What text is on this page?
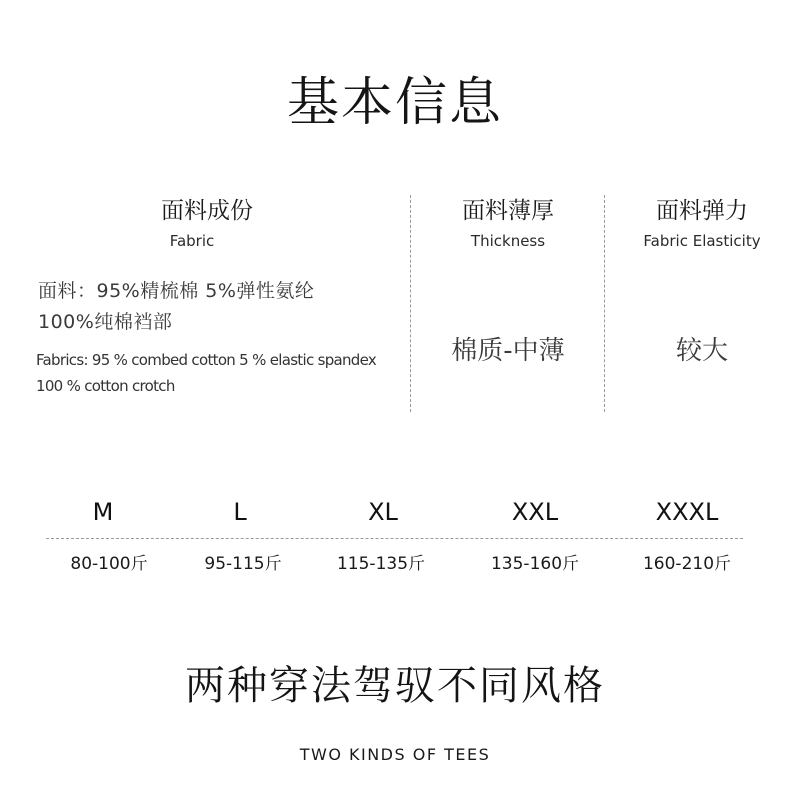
基本信息
面料成份
Fabric
面料：95%精梳棉 5%弹性氨纶
100%纯棉裆部
Fabrics: 95 % combed cotton 5 % elastic spandex
100 % cotton crotch
面料薄厚
Thickness
棉质-中薄
面料弹力
Fabric Elasticity
较大
M	L	XL	XXL	XXXL
80-100斤	95-115斤	115-135斤	135-160斤	160-210斤
两种穿法驾驭不同风格
TWO KINDS OF TEES
